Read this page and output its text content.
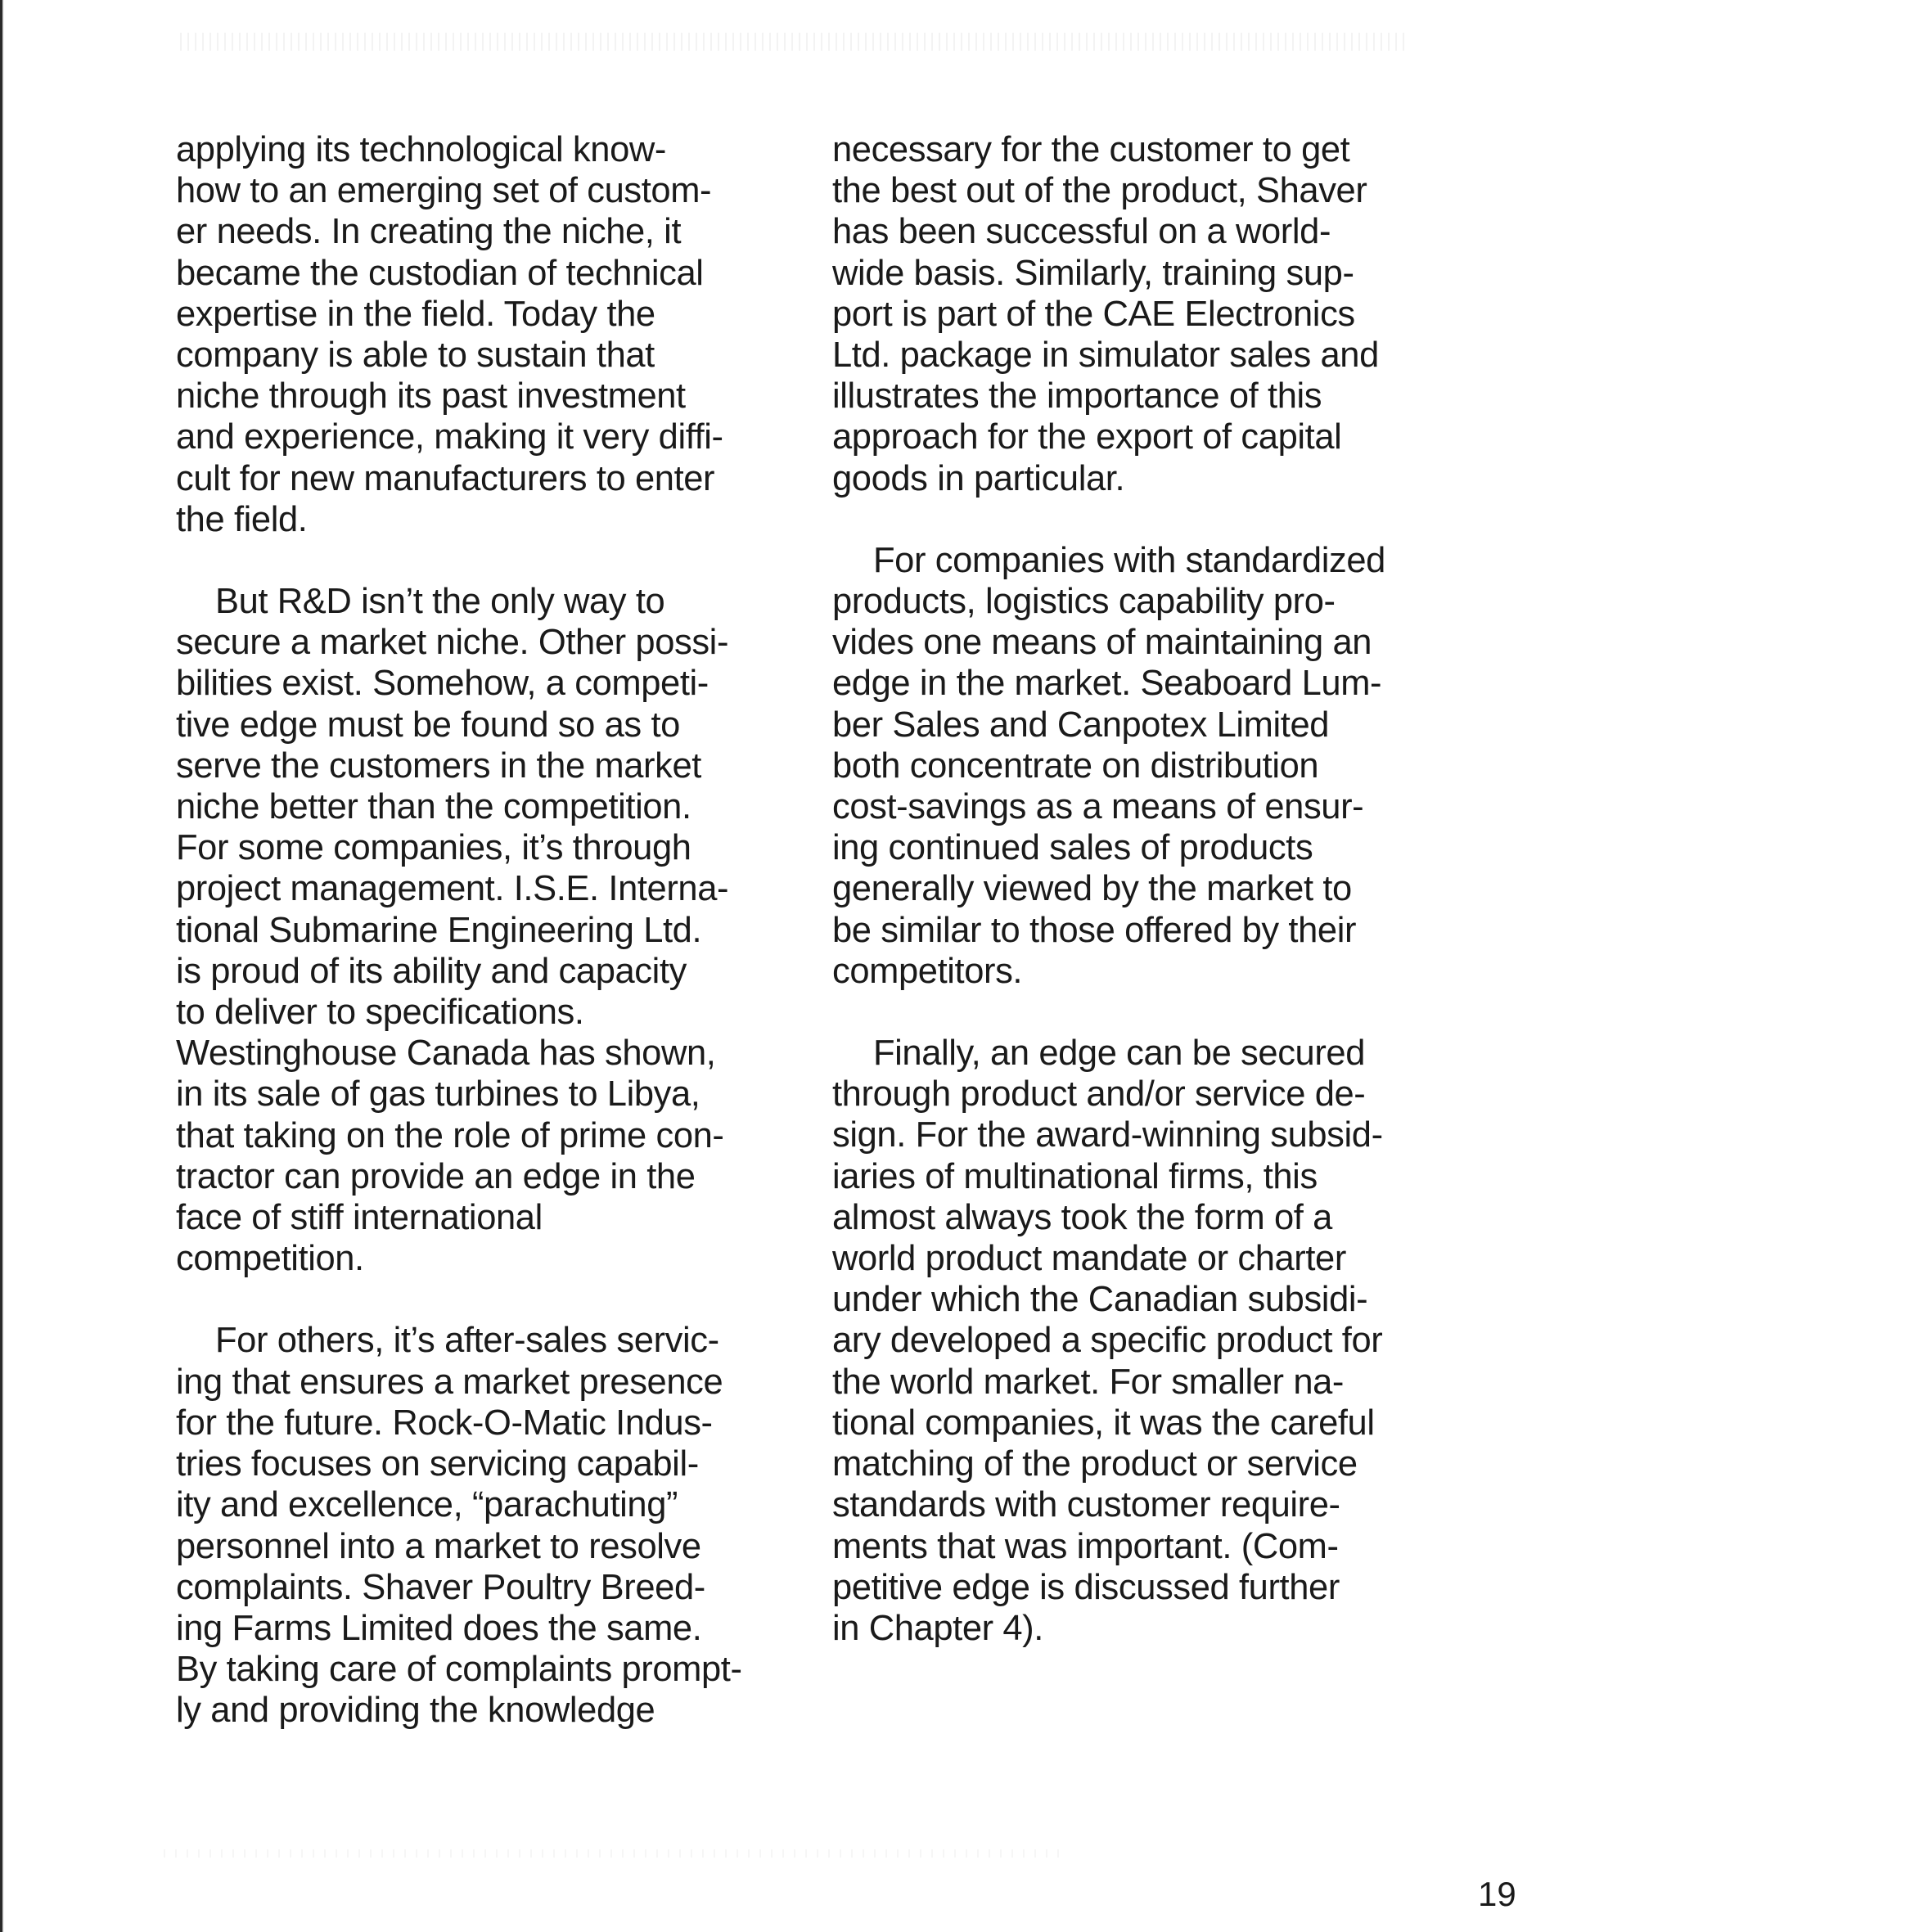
applying its technological know-
how to an emerging set of custom-
er needs. In creating the niche, it
became the custodian of technical
expertise in the field. Today the
company is able to sustain that
niche through its past investment
and experience, making it very diffi-
cult for new manufacturers to enter
the field.

But R&D isn’t the only way to
secure a market niche. Other possi-
bilities exist. Somehow, a competi-
tive edge must be found so as to
serve the customers in the market
niche better than the competition.
For some companies, it’s through
project management. I.S.E. Interna-
tional Submarine Engineering Ltd.
is proud of its ability and capacity
to deliver to specifications.
Westinghouse Canada has shown,
in its sale of gas turbines to Libya,
that taking on the role of prime con-
tractor can provide an edge in the
face of stiff international
competition.

For others, it’s after-sales servic-
ing that ensures a market presence
for the future. Rock-O-Matic Indus-
tries focuses on servicing capabil-
ity and excellence, “parachuting”
personnel into a market to resolve
complaints. Shaver Poultry Breed-
ing Farms Limited does the same.
By taking care of complaints prompt-
ly and providing the knowledge

necessary for the customer to get
the best out of the product, Shaver
has been successful on a world-
wide basis. Similarly, training sup-
port is part of the CAE Electronics
Ltd. package in simulator sales and
illustrates the importance of this
approach for the export of capital
goods in particular.

For companies with standardized
products, logistics capability pro-
vides one means of maintaining an
edge in the market. Seaboard Lum-
ber Sales and Canpotex Limited
both concentrate on distribution
cost-savings as a means of ensur-
ing continued sales of products
generally viewed by the market to
be similar to those offered by their
competitors.

Finally, an edge can be secured
through product and/or service de-
sign. For the award-winning subsid-
iaries of multinational firms, this
almost always took the form of a
world product mandate or charter
under which the Canadian subsidi-
ary developed a specific product for
the world market. For smaller na-
tional companies, it was the careful
matching of the product or service
standards with customer require-
ments that was important. (Com-
petitive edge is discussed further
in Chapter 4).

19
